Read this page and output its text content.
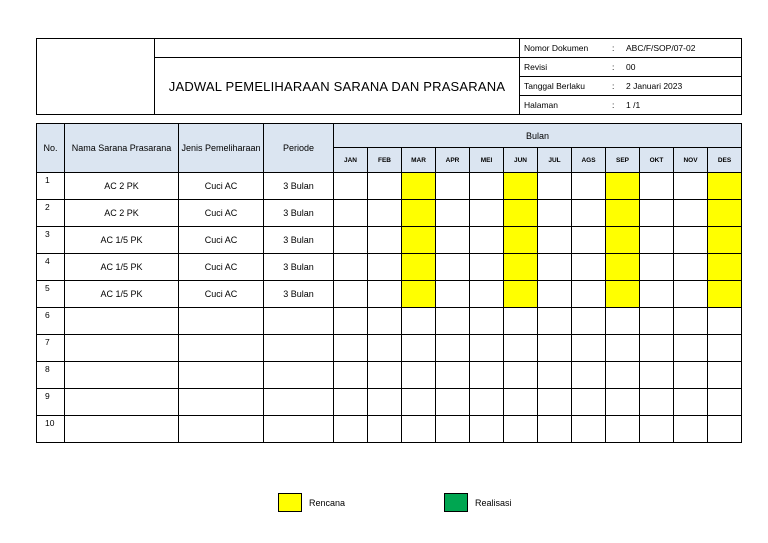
		Nomor Dokumen : ABC/F/SOP/07-02
	JADWAL PEMELIHARAAN SARANA DAN PRASARANA	Revisi : 00
		Tanggal Berlaku : 2 Januari 2023
		Halaman : 1 /1
No.	Nama Sarana Prasarana	Jenis Pemeliharaan	Periode	Bulan											
				JAN	FEB	MAR	APR	MEI	JUN	JUL	AGS	SEP	OKT	NOV	DES
1	AC 2 PK	Cuci AC	3 Bulan												
2	AC 2 PK	Cuci AC	3 Bulan												
3	AC 1/5 PK	Cuci AC	3 Bulan												
4	AC 1/5 PK	Cuci AC	3 Bulan												
5	AC 1/5 PK	Cuci AC	3 Bulan												
6															
7															
8															
9															
10															
Rencana	Realisasi
